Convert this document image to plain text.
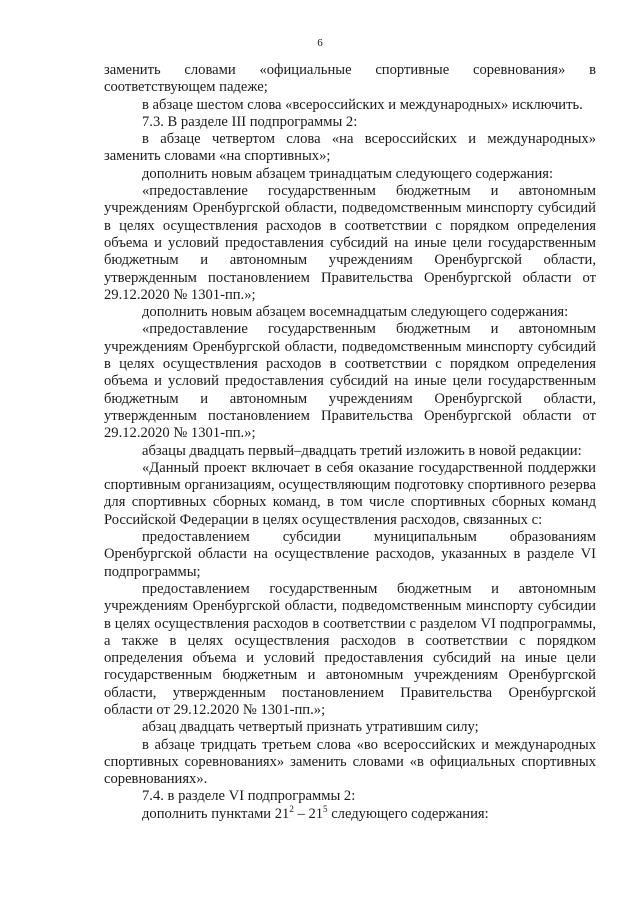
6

заменить словами «официальные спортивные соревнования» в соответствующем падеже;

в абзаце шестом слова «всероссийских и международных» исключить.

7.3. В разделе III подпрограммы 2:

в абзаце четвертом слова «на всероссийских и международных» заменить словами «на спортивных»;

дополнить новым абзацем тринадцатым следующего содержания:

«предоставление государственным бюджетным и автономным учреждениям Оренбургской области, подведомственным минспорту субсидий в целях осуществления расходов в соответствии с порядком определения объема и условий предоставления субсидий на иные цели государственным бюджетным и автономным учреждениям Оренбургской области, утвержденным постановлением Правительства Оренбургской области от 29.12.2020 № 1301-пп.»;

дополнить новым абзацем восемнадцатым следующего содержания:

«предоставление государственным бюджетным и автономным учреждениям Оренбургской области, подведомственным минспорту субсидий в целях осуществления расходов в соответствии с порядком определения объема и условий предоставления субсидий на иные цели государственным бюджетным и автономным учреждениям Оренбургской области, утвержденным постановлением Правительства Оренбургской области от 29.12.2020 № 1301-пп.»;

абзацы двадцать первый–двадцать третий изложить в новой редакции:

«Данный проект включает в себя оказание государственной поддержки спортивным организациям, осуществляющим подготовку спортивного резерва для спортивных сборных команд, в том числе спортивных сборных команд Российской Федерации в целях осуществления расходов, связанных с:

предоставлением субсидии муниципальным образованиям Оренбургской области на осуществление расходов, указанных в разделе VI подпрограммы;

предоставлением государственным бюджетным и автономным учреждениям Оренбургской области, подведомственным минспорту субсидии в целях осуществления расходов в соответствии с разделом VI подпрограммы, а также в целях осуществления расходов в соответствии с порядком определения объема и условий предоставления субсидий на иные цели государственным бюджетным и автономным учреждениям Оренбургской области, утвержденным постановлением Правительства Оренбургской области от 29.12.2020 № 1301-пп.»;

абзац двадцать четвертый признать утратившим силу;

в абзаце тридцать третьем слова «во всероссийских и международных спортивных соревнованиях» заменить словами «в официальных спортивных соревнованиях».

7.4. в разделе VI подпрограммы 2:

дополнить пунктами $21^2 - 21^5$ следующего содержания:
